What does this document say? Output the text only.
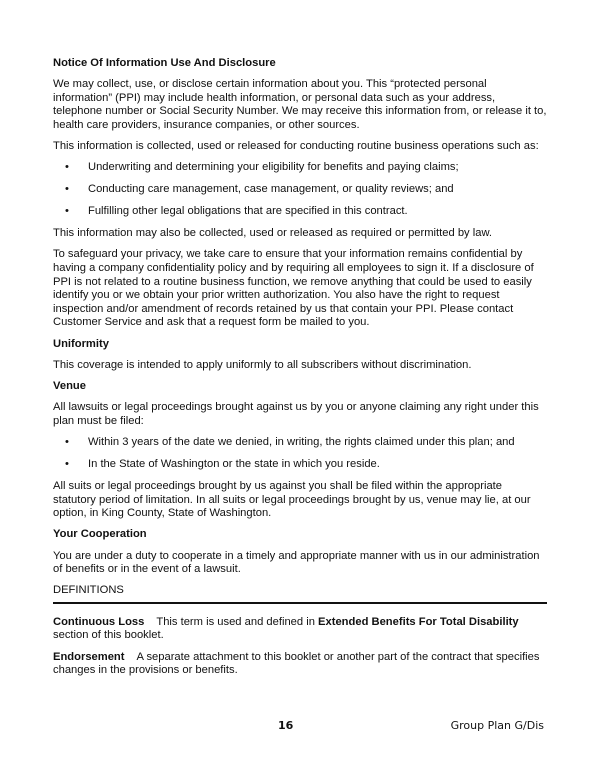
Notice Of Information Use And Disclosure

We may collect, use, or disclose certain information about you. This “protected personal information” (PPI) may include health information, or personal data such as your address, telephone number or Social Security Number. We may receive this information from, or release it to, health care providers, insurance companies, or other sources.

This information is collected, used or released for conducting routine business operations such as:

• Underwriting and determining your eligibility for benefits and paying claims;
• Conducting care management, case management, or quality reviews; and
• Fulfilling other legal obligations that are specified in this contract.

This information may also be collected, used or released as required or permitted by law.

To safeguard your privacy, we take care to ensure that your information remains confidential by having a company confidentiality policy and by requiring all employees to sign it. If a disclosure of PPI is not related to a routine business function, we remove anything that could be used to easily identify you or we obtain your prior written authorization. You also have the right to request inspection and/or amendment of records retained by us that contain your PPI. Please contact Customer Service and ask that a request form be mailed to you.

Uniformity

This coverage is intended to apply uniformly to all subscribers without discrimination.

Venue

All lawsuits or legal proceedings brought against us by you or anyone claiming any right under this plan must be filed:

• Within 3 years of the date we denied, in writing, the rights claimed under this plan; and
• In the State of Washington or the state in which you reside.

All suits or legal proceedings brought by us against you shall be filed within the appropriate statutory period of limitation. In all suits or legal proceedings brought by us, venue may lie, at our option, in King County, State of Washington.

Your Cooperation

You are under a duty to cooperate in a timely and appropriate manner with us in our administration of benefits or in the event of a lawsuit.

DEFINITIONS

Continuous Loss This term is used and defined in Extended Benefits For Total Disability section of this booklet.

Endorsement A separate attachment to this booklet or another part of the contract that specifies changes in the provisions or benefits.

16	Group Plan G/Dis
